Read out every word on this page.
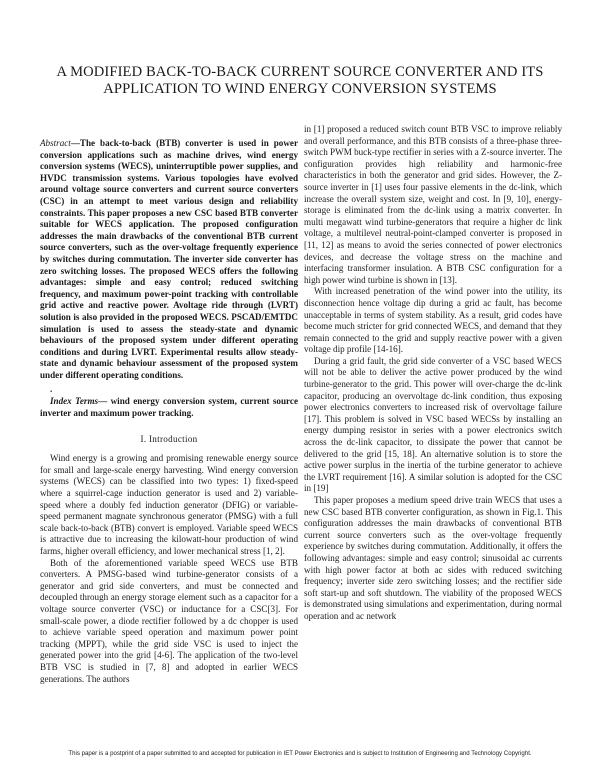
A MODIFIED BACK-TO-BACK CURRENT SOURCE CONVERTER AND ITS APPLICATION TO WIND ENERGY CONVERSION SYSTEMS

Abstract—The back-to-back (BTB) converter is used in power conversion applications such as machine drives, wind energy conversion systems (WECS), uninterruptible power supplies, and HVDC transmission systems. Various topologies have evolved around voltage source converters and current source converters (CSC) in an attempt to meet various design and reliability constraints. This paper proposes a new CSC based BTB converter suitable for WECS application. The proposed configuration addresses the main drawbacks of the conventional BTB current source converters, such as the over-voltage frequently experience by switches during commutation. The inverter side converter has zero switching losses. The proposed WECS offers the following advantages: simple and easy control; reduced switching frequency, and maximum power-point tracking with controllable grid active and reactive power. Avoltage ride through (LVRT) solution is also provided in the proposed WECS. PSCAD/EMTDC simulation is used to assess the steady-state and dynamic behaviours of the proposed system under different operating conditions and during LVRT. Experimental results allow steady-state and dynamic behaviour assessment of the proposed system under different operating conditions.

.

Index Terms— wind energy conversion system, current source inverter and maximum power tracking.

I. Introduction

Wind energy is a growing and promising renewable energy source for small and large-scale energy harvesting. Wind energy conversion systems (WECS) can be classified into two types: 1) fixed-speed where a squirrel-cage induction generator is used and 2) variable-speed where a doubly fed induction generator (DFIG) or variable-speed permanent magnate synchronous generator (PMSG) with a full scale back-to-back (BTB) convert is employed. Variable speed WECS is attractive due to increasing the kilowatt-hour production of wind farms, higher overall efficiency, and lower mechanical stress [1, 2].

Both of the aforementioned variable speed WECS use BTB converters. A PMSG-based wind turbine-generator consists of a generator and grid side converters, and must be connected and decoupled through an energy storage element such as a capacitor for a voltage source converter (VSC) or inductance for a CSC[3]. For small-scale power, a diode rectifier followed by a dc chopper is used to achieve variable speed operation and maximum power point tracking (MPPT), while the grid side VSC is used to inject the generated power into the grid [4-6]. The application of the two-level BTB VSC is studied in [7, 8] and adopted in earlier WECS generations. The authors

in [1] proposed a reduced switch count BTB VSC to improve reliably and overall performance, and this BTB consists of a three-phase three-switch PWM buck-type rectifier in series with a Z-source inverter. The configuration provides high reliability and harmonic-free characteristics in both the generator and grid sides. However, the Z-source inverter in [1] uses four passive elements in the dc-link, which increase the overall system size, weight and cost. In [9, 10], energy-storage is eliminated from the dc-link using a matrix converter. In multi megawatt wind turbine-generators that require a higher dc link voltage, a multilevel neutral-point-clamped converter is proposed in [11, 12] as means to avoid the series connected of power electronics devices, and decrease the voltage stress on the machine and interfacing transformer insulation. A BTB CSC configuration for a high power wind turbine is shown in [13].

With increased penetration of the wind power into the utility, its disconnection hence voltage dip during a grid ac fault, has become unacceptable in terms of system stability. As a result, grid codes have become much stricter for grid connected WECS, and demand that they remain connected to the grid and supply reactive power with a given voltage dip profile [14-16].

During a grid fault, the grid side converter of a VSC based WECS will not be able to deliver the active power produced by the wind turbine-generator to the grid. This power will over-charge the dc-link capacitor, producing an overvoltage dc-link condition, thus exposing power electronics converters to increased risk of overvoltage failure [17]. This problem is solved in VSC based WECSs by installing an energy dumping resistor in series with a power electronics switch across the dc-link capacitor, to dissipate the power that cannot be delivered to the grid [15, 18]. An alternative solution is to store the active power surplus in the inertia of the turbine generator to achieve the LVRT requirement [16]. A similar solution is adopted for the CSC in [19]

This paper proposes a medium speed drive train WECS that uses a new CSC based BTB converter configuration, as shown in Fig.1. This configuration addresses the main drawbacks of conventional BTB current source converters such as the over-voltage frequently experience by switches during commutation. Additionally, it offers the following advantages: simple and easy control; sinusoidal ac currents with high power factor at both ac sides with reduced switching frequency; inverter side zero switching losses; and the rectifier side soft start-up and soft shutdown. The viability of the proposed WECS is demonstrated using simulations and experimentation, during normal operation and ac network

This paper is a postprint of a paper submitted to and accepted for publication in IET Power Electronics and is subject to Institution of Engineering and Technology Copyright.
